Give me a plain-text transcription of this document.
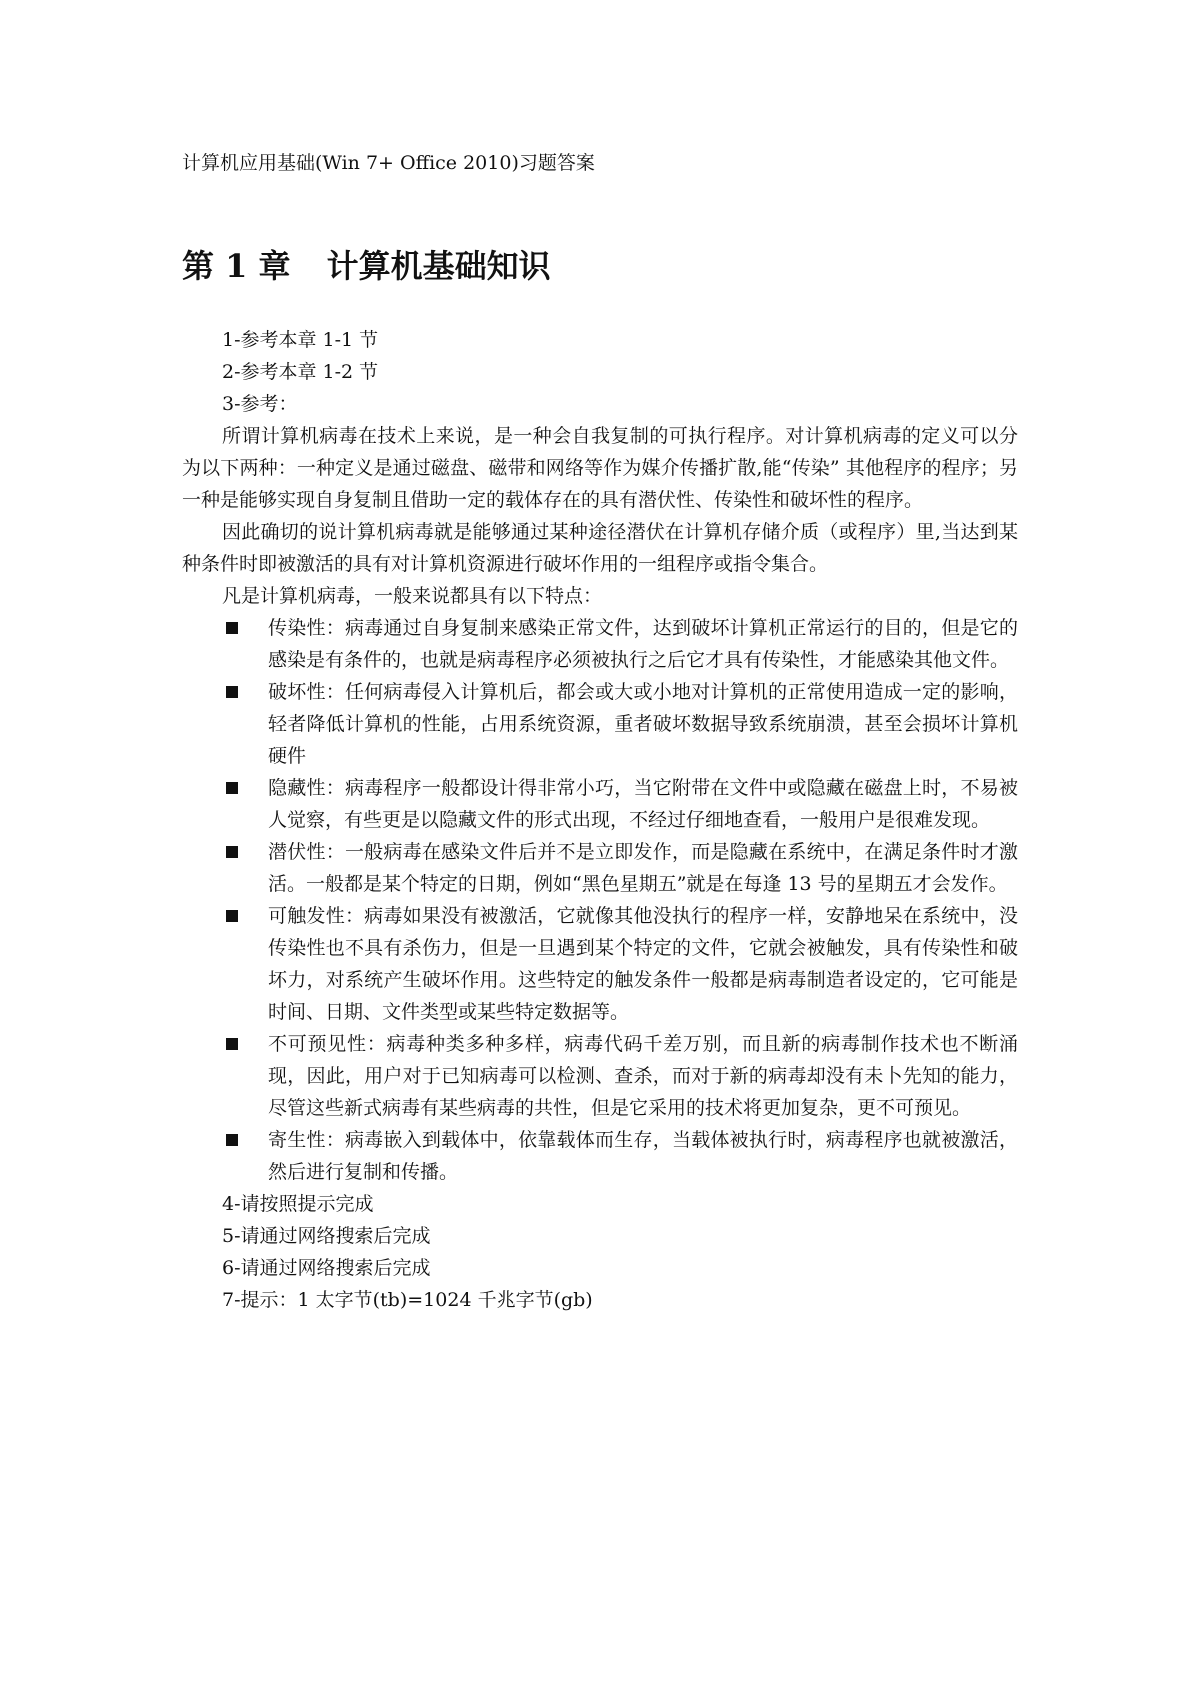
计算机应用基础(Win 7+ Office 2010)习题答案
第 1 章 计算机基础知识

1-参考本章 1-1 节

2-参考本章 1-2 节

3-参考：

所谓计算机病毒在技术上来说，是一种会自我复制的可执行程序。对计算机病毒的定义可以分为以下两种：一种定义是通过磁盘、磁带和网络等作为媒介传播扩散,能“传染” 其他程序的程序；另一种是能够实现自身复制且借助一定的载体存在的具有潜伏性、传染性和破坏性的程序。

因此确切的说计算机病毒就是能够通过某种途径潜伏在计算机存储介质（或程序）里,当达到某种条件时即被激活的具有对计算机资源进行破坏作用的一组程序或指令集合。

凡是计算机病毒，一般来说都具有以下特点：

传染性：病毒通过自身复制来感染正常文件，达到破坏计算机正常运行的目的，但是它的感染是有条件的，也就是病毒程序必须被执行之后它才具有传染性，才能感染其他文件。
破坏性：任何病毒侵入计算机后，都会或大或小地对计算机的正常使用造成一定的影响，轻者降低计算机的性能，占用系统资源，重者破坏数据导致系统崩溃，甚至会损坏计算机硬件
隐藏性：病毒程序一般都设计得非常小巧，当它附带在文件中或隐藏在磁盘上时，不易被人觉察，有些更是以隐藏文件的形式出现，不经过仔细地查看，一般用户是很难发现。
潜伏性：一般病毒在感染文件后并不是立即发作，而是隐藏在系统中，在满足条件时才激活。一般都是某个特定的日期，例如“黑色星期五”就是在每逢 13 号的星期五才会发作。
可触发性：病毒如果没有被激活，它就像其他没执行的程序一样，安静地呆在系统中，没传染性也不具有杀伤力，但是一旦遇到某个特定的文件，它就会被触发，具有传染性和破坏力，对系统产生破坏作用。这些特定的触发条件一般都是病毒制造者设定的，它可能是时间、日期、文件类型或某些特定数据等。
不可预见性：病毒种类多种多样，病毒代码千差万别，而且新的病毒制作技术也不断涌现，因此，用户对于已知病毒可以检测、查杀，而对于新的病毒却没有未卜先知的能力，尽管这些新式病毒有某些病毒的共性，但是它采用的技术将更加复杂，更不可预见。
寄生性：病毒嵌入到载体中，依靠载体而生存，当载体被执行时，病毒程序也就被激活，然后进行复制和传播。

4-请按照提示完成

5-请通过网络搜索后完成

6-请通过网络搜索后完成

7-提示：1 太字节(tb)=1024 千兆字节(gb)
